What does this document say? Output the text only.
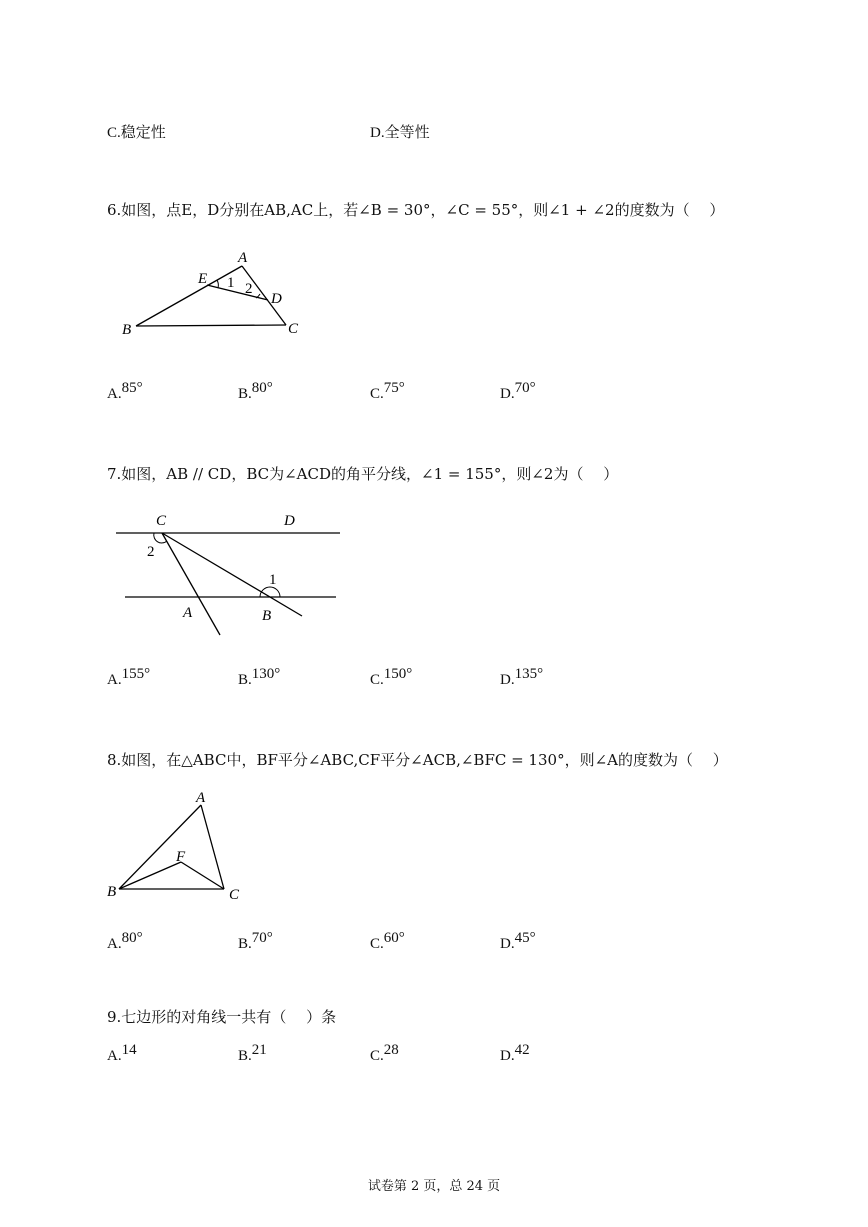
C.稳定性	D.全等性
6.如图，点E，D分别在AB,AC上，若∠B = 30°，∠C = 55°，则∠1 + ∠2的度数为（　 ）
A
B	C
D
E 1 2
A.85°	B.80°	C.75°	D.70°
7.如图，AB // CD，BC为∠ACD的角平分线，∠1 = 155°，则∠2为（　 ）
C	D
A	B
2
1
A.155°	B.130°	C.150°	D.135°
8.如图，在△ABC中，BF平分∠ABC,CF平分∠ACB,∠BFC = 130°，则∠A的度数为（　 ）
A
B	C
F
A.80°	B.70°	C.60°	D.45°
9.七边形的对角线一共有（　 ）条
A.14	B.21	C.28	D.42
试卷第 2 页，总 24 页
